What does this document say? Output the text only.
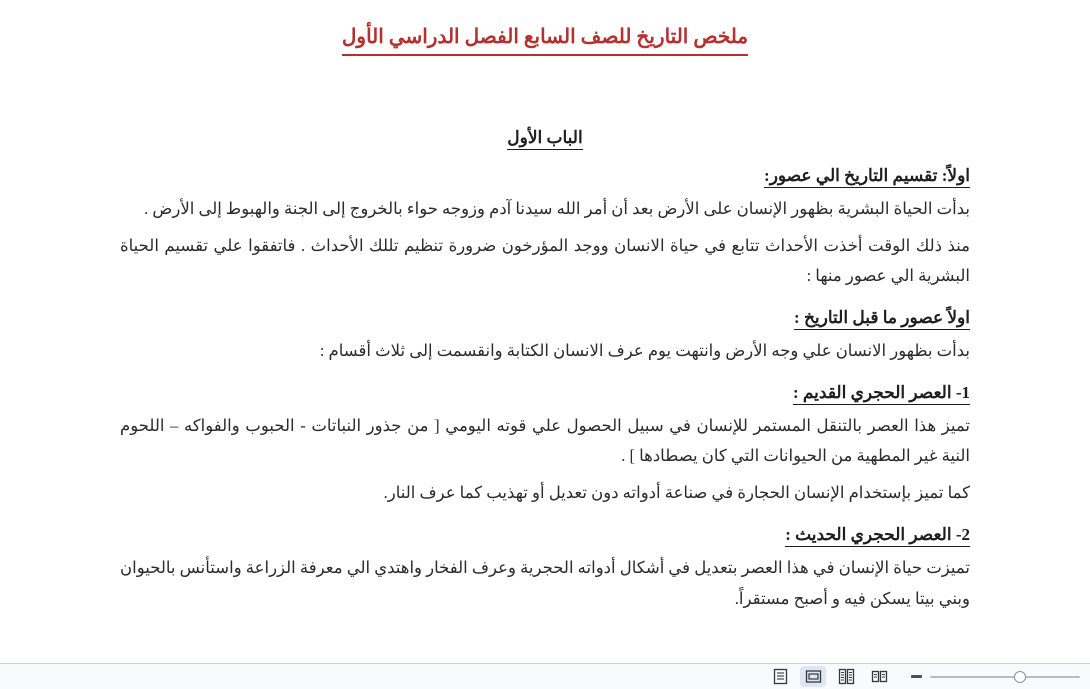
ملخص التاريخ للصف السابع الفصل الدراسي الأول
الباب الأول
اولاً: تقسيم التاريخ الي عصور:

بدأت الحياة البشرية بظهور الإنسان على الأرض بعد أن أمر الله سيدنا آدم وزوجه حواء بالخروج إلى الجنة والهبوط إلى الأرض .

منذ ذلك الوقت أخذت الأحداث تتابع في حياة الانسان ووجد المؤرخون ضرورة تنظيم تللك الأحداث . فاتفقوا علي تقسيم الحياة البشرية الي عصور منها :

اولاً عصور ما قبل التاريخ :

بدأت بظهور الانسان علي وجه الأرض وانتهت يوم عرف الانسان الكتابة وانقسمت إلى ثلاث أقسام :

1- العصر الحجري القديم :

تميز هذا العصر بالتنقل المستمر للإنسان في سبيل الحصول علي قوته اليومي [ من جذور النباتات - الحبوب والفواكه – اللحوم النية غير المطهية من الحيوانات التي كان يصطادها ] .

كما تميز بإستخدام الإنسان الحجارة في صناعة أدواته دون تعديل أو تهذيب كما عرف النار.

2- العصر الحجري الحديث :

تميزت حياة الإنسان في هذا العصر بتعديل في أشكال أدواته الحجرية وعرف الفخار واهتدي الي معرفة الزراعة واستأنس بالحيوان وبني بيتا يسكن فيه و أصبح مستقراً.
